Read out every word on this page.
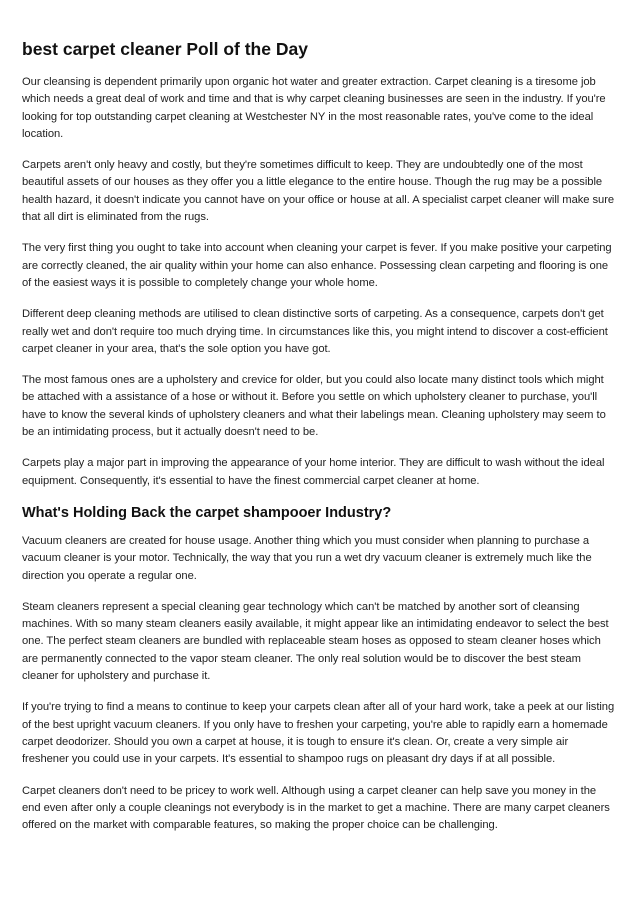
best carpet cleaner Poll of the Day

Our cleansing is dependent primarily upon organic hot water and greater extraction. Carpet cleaning is a tiresome job which needs a great deal of work and time and that is why carpet cleaning businesses are seen in the industry. If you're looking for top outstanding carpet cleaning at Westchester NY in the most reasonable rates, you've come to the ideal location.

Carpets aren't only heavy and costly, but they're sometimes difficult to keep. They are undoubtedly one of the most beautiful assets of our houses as they offer you a little elegance to the entire house. Though the rug may be a possible health hazard, it doesn't indicate you cannot have on your office or house at all. A specialist carpet cleaner will make sure that all dirt is eliminated from the rugs.

The very first thing you ought to take into account when cleaning your carpet is fever. If you make positive your carpeting are correctly cleaned, the air quality within your home can also enhance. Possessing clean carpeting and flooring is one of the easiest ways it is possible to completely change your whole home.

Different deep cleaning methods are utilised to clean distinctive sorts of carpeting. As a consequence, carpets don't get really wet and don't require too much drying time. In circumstances like this, you might intend to discover a cost-efficient carpet cleaner in your area, that's the sole option you have got.

The most famous ones are a upholstery and crevice for older, but you could also locate many distinct tools which might be attached with a assistance of a hose or without it. Before you settle on which upholstery cleaner to purchase, you'll have to know the several kinds of upholstery cleaners and what their labelings mean. Cleaning upholstery may seem to be an intimidating process, but it actually doesn't need to be.

Carpets play a major part in improving the appearance of your home interior. They are difficult to wash without the ideal equipment. Consequently, it's essential to have the finest commercial carpet cleaner at home.

What's Holding Back the carpet shampooer Industry?

Vacuum cleaners are created for house usage. Another thing which you must consider when planning to purchase a vacuum cleaner is your motor. Technically, the way that you run a wet dry vacuum cleaner is extremely much like the direction you operate a regular one.

Steam cleaners represent a special cleaning gear technology which can't be matched by another sort of cleansing machines. With so many steam cleaners easily available, it might appear like an intimidating endeavor to select the best one. The perfect steam cleaners are bundled with replaceable steam hoses as opposed to steam cleaner hoses which are permanently connected to the vapor steam cleaner. The only real solution would be to discover the best steam cleaner for upholstery and purchase it.

If you're trying to find a means to continue to keep your carpets clean after all of your hard work, take a peek at our listing of the best upright vacuum cleaners. If you only have to freshen your carpeting, you're able to rapidly earn a homemade carpet deodorizer. Should you own a carpet at house, it is tough to ensure it's clean. Or, create a very simple air freshener you could use in your carpets. It's essential to shampoo rugs on pleasant dry days if at all possible.

Carpet cleaners don't need to be pricey to work well. Although using a carpet cleaner can help save you money in the end even after only a couple cleanings not everybody is in the market to get a machine. There are many carpet cleaners offered on the market with comparable features, so making the proper choice can be challenging.
